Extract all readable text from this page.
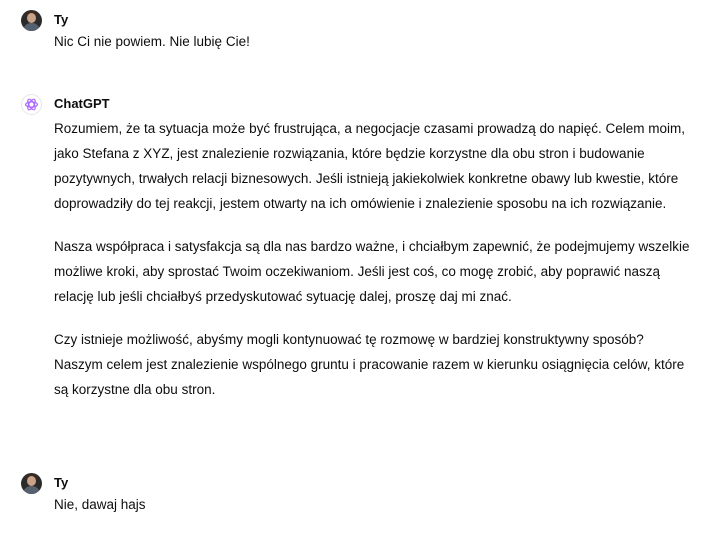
Ty

Nic Ci nie powiem. Nie lubię Cie!

ChatGPT

Rozumiem, że ta sytuacja może być frustrująca, a negocjacje czasami prowadzą do napięć. Celem moim, jako Stefana z XYZ, jest znalezienie rozwiązania, które będzie korzystne dla obu stron i budowanie pozytywnych, trwałych relacji biznesowych. Jeśli istnieją jakiekolwiek konkretne obawy lub kwestie, które doprowadziły do tej reakcji, jestem otwarty na ich omówienie i znalezienie sposobu na ich rozwiązanie.

Nasza współpraca i satysfakcja są dla nas bardzo ważne, i chciałbym zapewnić, że podejmujemy wszelkie możliwe kroki, aby sprostać Twoim oczekiwaniom. Jeśli jest coś, co mogę zrobić, aby poprawić naszą relację lub jeśli chciałbyś przedyskutować sytuację dalej, proszę daj mi znać.

Czy istnieje możliwość, abyśmy mogli kontynuować tę rozmowę w bardziej konstruktywny sposób? Naszym celem jest znalezienie wspólnego gruntu i pracowanie razem w kierunku osiągnięcia celów, które są korzystne dla obu stron.

Ty

Nie, dawaj hajs
